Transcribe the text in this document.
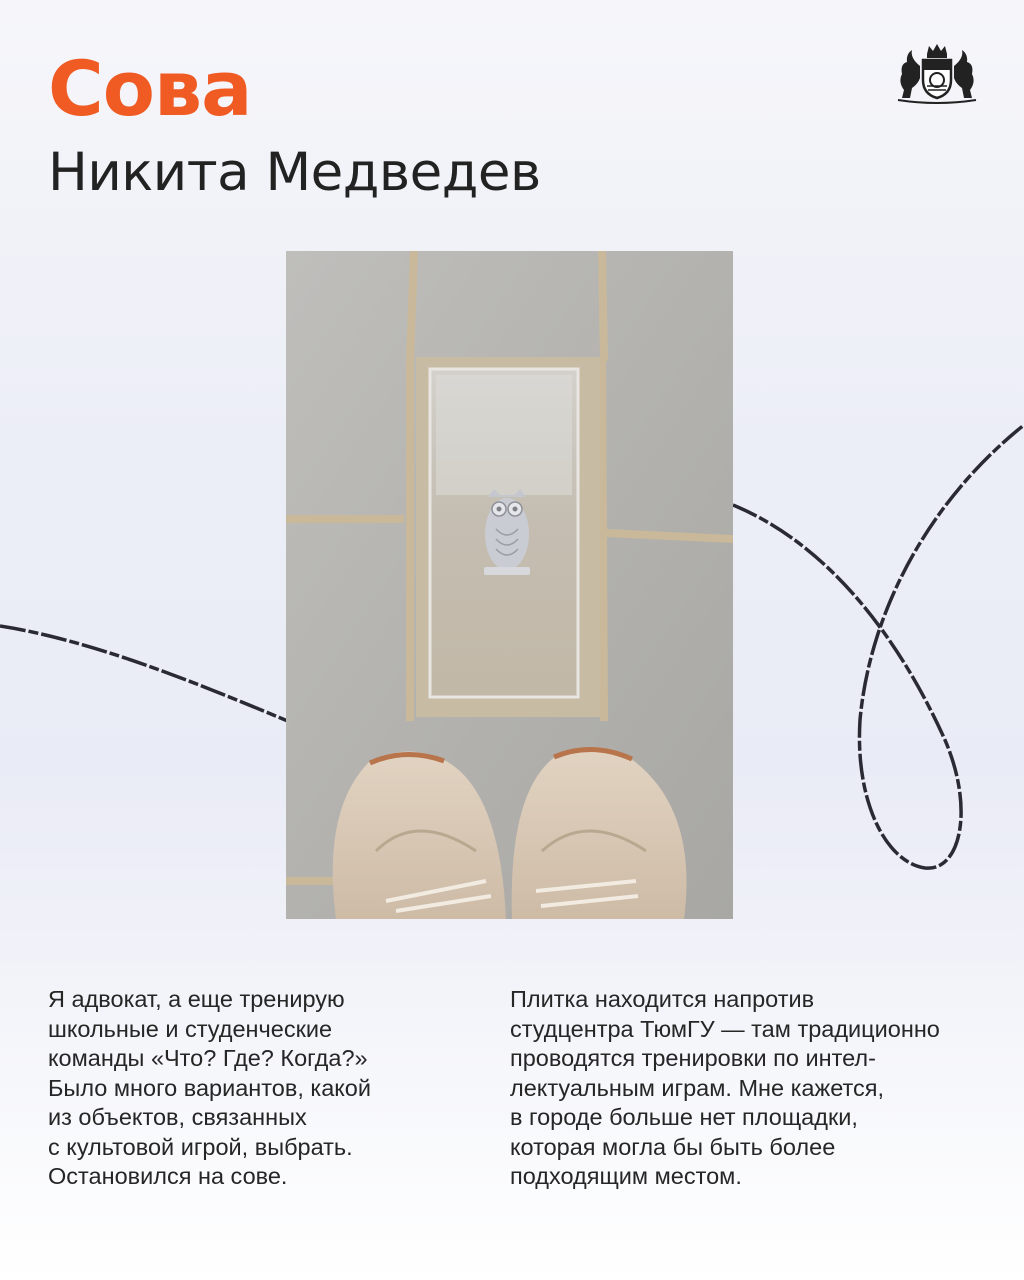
Сова
Никита Медведев

Я адвокат, а еще тренирую
школьные и студенческие
команды «Что? Где? Когда?»
Было много вариантов, какой
из объектов, связанных
с культовой игрой, выбрать.
Остановился на сове.

Плитка находится напротив
студцентра ТюмГУ — там традиционно
проводятся тренировки по интел-
лектуальным играм. Мне кажется,
в городе больше нет площадки,
которая могла бы быть более
подходящим местом.
